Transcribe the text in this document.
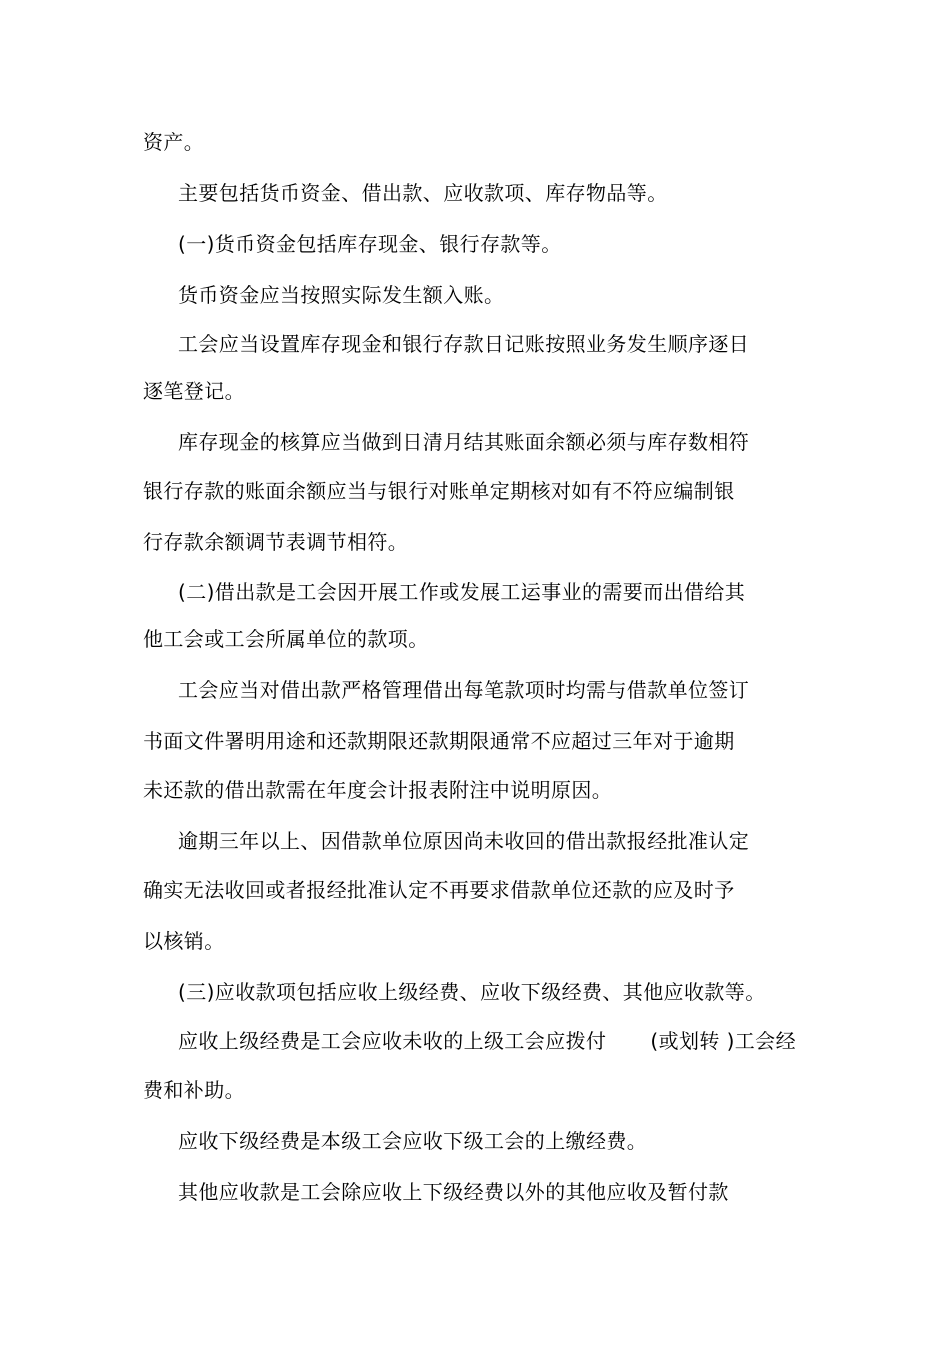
资产。
主要包括货币资金、借出款、应收款项、库存物品等。
(一)货币资金包括库存现金、银行存款等。
货币资金应当按照实际发生额入账。
工会应当设置库存现金和银行存款日记账按照业务发生顺序逐日
逐笔登记。
库存现金的核算应当做到日清月结其账面余额必须与库存数相符
银行存款的账面余额应当与银行对账单定期核对如有不符应编制银
行存款余额调节表调节相符。
(二)借出款是工会因开展工作或发展工运事业的需要而出借给其
他工会或工会所属单位的款项。
工会应当对借出款严格管理借出每笔款项时均需与借款单位签订
书面文件署明用途和还款期限还款期限通常不应超过三年对于逾期
未还款的借出款需在年度会计报表附注中说明原因。
逾期三年以上、因借款单位原因尚未收回的借出款报经批准认定
确实无法收回或者报经批准认定不再要求借款单位还款的应及时予
以核销。
(三)应收款项包括应收上级经费、应收下级经费、其他应收款等。
应收上级经费是工会应收未收的上级工会应拨付 (或划转 )工会经
费和补助。
应收下级经费是本级工会应收下级工会的上缴经费。
其他应收款是工会除应收上下级经费以外的其他应收及暂付款
